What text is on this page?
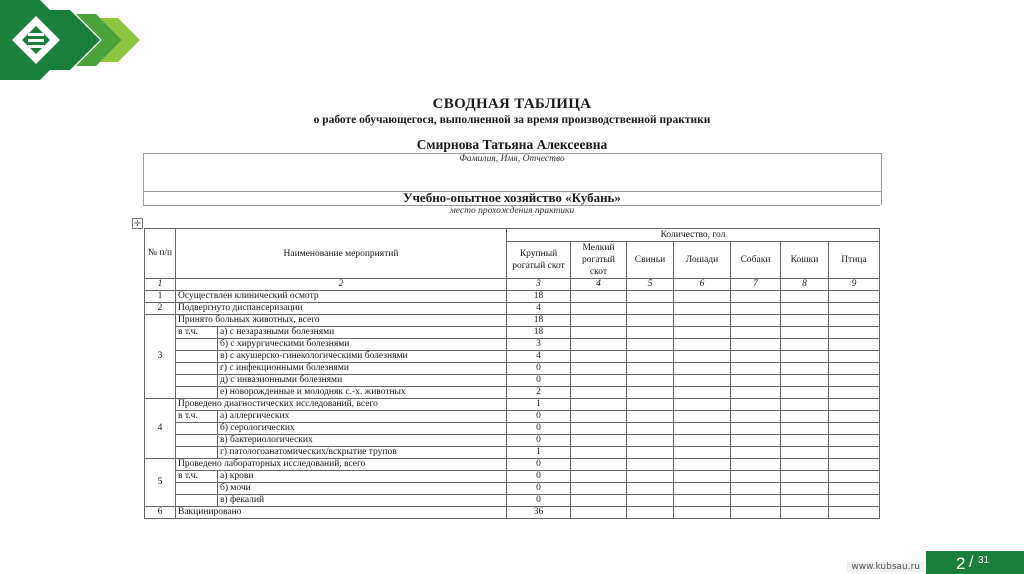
СВОДНАЯ ТАБЛИЦА
о работе обучающегося, выполненной за время производственной практики
Смирнова Татьяна Алексеевна
Фамилия, Имя, Отчество
Учебно-опытное хозяйство «Кубань»
место прохождения практики
✛
№ п/п	Наименование мероприятий		Количество, гол						
			Крупный рогатый скот	Мелкий рогатый скот	Свиньи	Лошади	Собаки	Кошки	Птица
1	2		3	4	5	6	7	8	9
1	Осуществлен клинический осмотр		18						
2	Подвергнуто диспансеризации		4						
3	Принято больных животных, всего		18						
	в т.ч.	а) с незаразными болезнями	18						
		б) с хирургическими болезнями	3						
		в) с акушерско-гинекологическими болезнями	4						
		г) с инфекционными болезнями	0						
		д) с инвазионными болезнями	0						
		е) новорожденные и молодняк с.-х. животных	2						
4	Проведено диагностических исследований, всего		1						
	в т.ч.	а) аллергических	0						
		б) серологических	0						
		в) бактериологических	0						
		г) патологоанатомических/вскрытие трупов	1						
5	Проведено лабораторных исследований, всего		0						
	в т.ч.	а) крови	0						
		б) мочи	0						
		в) фекалий	0						
6	Вакцинировано		36						
www.kubsau.ru 2 / 31
